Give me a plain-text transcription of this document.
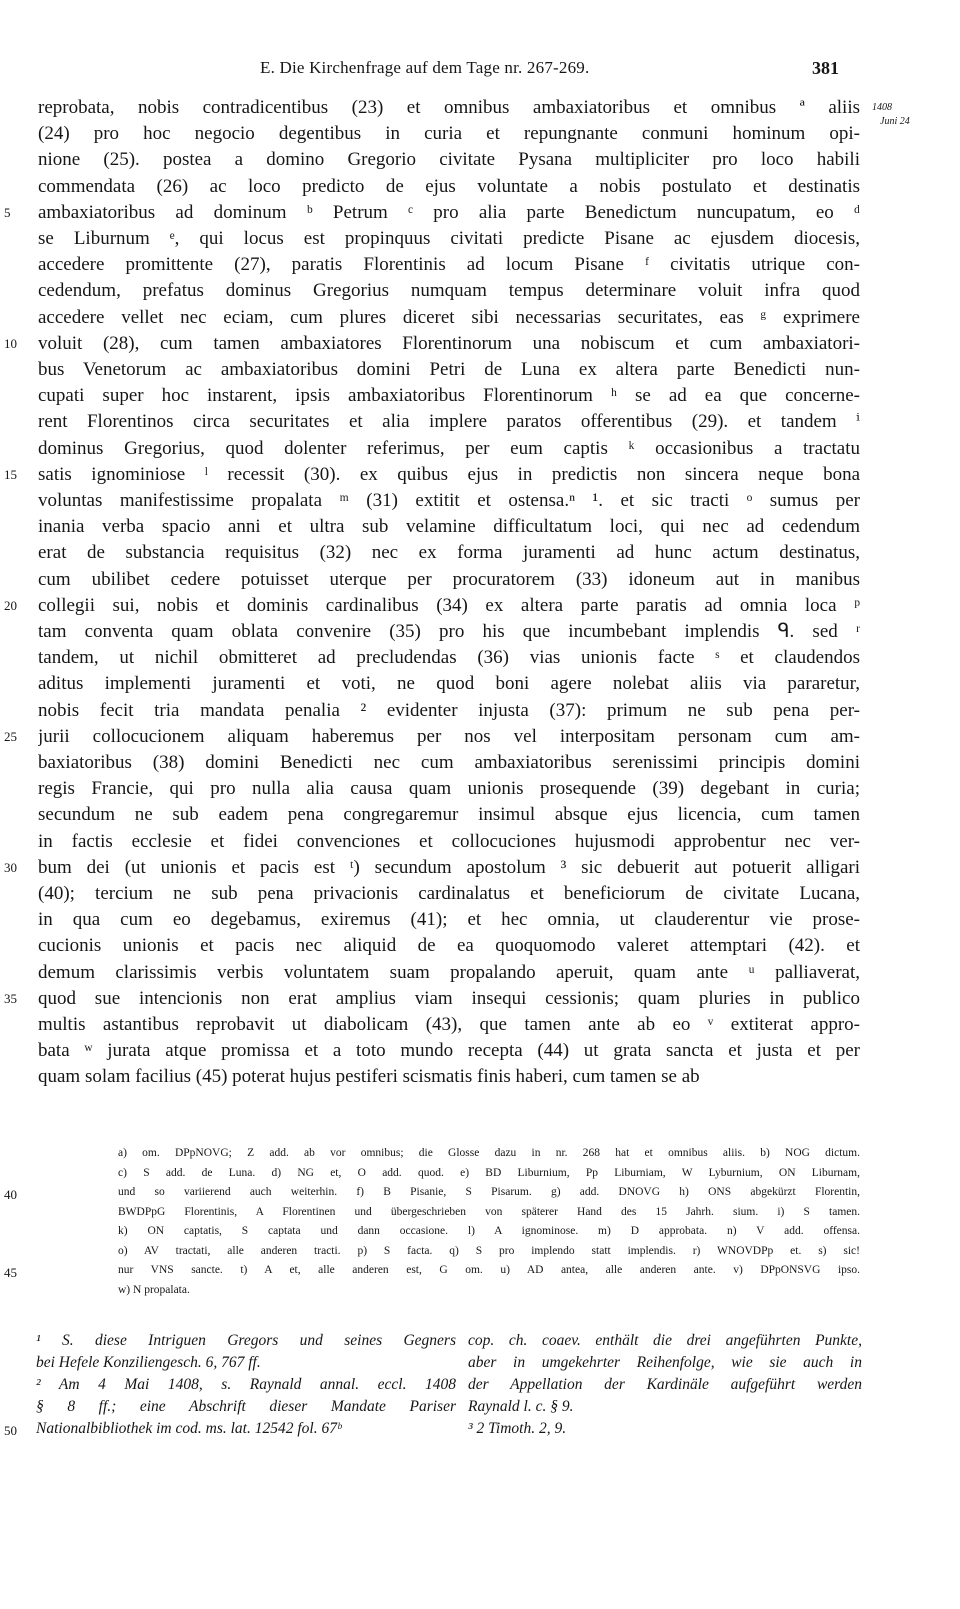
E. Die Kirchenfrage auf dem Tage nr. 267-269.	381
1408
Juni 24
reprobata, nobis contradicentibus (23) et omnibus ambaxiatoribus et omnibus ª aliis
(24) pro hoc negocio degentibus in curia et repungnante conmuni hominum opi-
nione (25). postea a domino Gregorio civitate Pysana multipliciter pro loco habili
commendata (26) ac loco predicto de ejus voluntate a nobis postulato et destinatis
ambaxiatoribus ad dominum ᵇ Petrum ᶜ pro alia parte Benedictum nuncupatum, eo ᵈ
se Liburnum ᵉ, qui locus est propinquus civitati predicte Pisane ac ejusdem diocesis,
accedere promittente (27), paratis Florentinis ad locum Pisane ᶠ civitatis utrique con-
cedendum, prefatus dominus Gregorius numquam tempus determinare voluit infra quod
accedere vellet nec eciam, cum plures diceret sibi necessarias securitates, eas ᵍ exprimere
voluit (28), cum tamen ambaxiatores Florentinorum una nobiscum et cum ambaxiatori-
bus Venetorum ac ambaxiatoribus domini Petri de Luna ex altera parte Benedicti nun-
cupati super hoc instarent, ipsis ambaxiatoribus Florentinorum ʰ se ad ea que concerne-
rent Florentinos circa securitates et alia implere paratos offerentibus (29). et tandem ⁱ
dominus Gregorius, quod dolenter referimus, per eum captis ᵏ occasionibus a tractatu
satis ignominiose ˡ recessit (30). ex quibus ejus in predictis non sincera neque bona
voluntas manifestissime propalata ᵐ (31) extitit et ostensa.ⁿ ¹. et sic tracti ᵒ sumus per
inania verba spacio anni et ultra sub velamine difficultatum loci, qui nec ad cedendum
erat de substancia requisitus (32) nec ex forma juramenti ad hunc actum destinatus,
cum ubilibet cedere potuisset uterque per procuratorem (33) idoneum aut in manibus
collegii sui, nobis et dominis cardinalibus (34) ex altera parte paratis ad omnia loca ᵖ
tam conventa quam oblata convenire (35) pro his que incumbebant implendis ᑫ. sed ʳ
tandem, ut nichil obmitteret ad precludendas (36) vias unionis facte ˢ et claudendos
aditus implementi juramenti et voti, ne quod boni agere nolebat aliis via pararetur,
nobis fecit tria mandata penalia ² evidenter injusta (37): primum ne sub pena per-
jurii collocucionem aliquam haberemus per nos vel interpositam personam cum am-
baxiatoribus (38) domini Benedicti nec cum ambaxiatoribus serenissimi principis domini
regis Francie, qui pro nulla alia causa quam unionis prosequende (39) degebant in curia;
secundum ne sub eadem pena congregaremur insimul absque ejus licencia, cum tamen
in factis ecclesie et fidei convenciones et collocuciones hujusmodi approbentur nec ver-
bum dei (ut unionis et pacis est ᵗ) secundum apostolum ³ sic debuerit aut potuerit alligari
(40); tercium ne sub pena privacionis cardinalatus et beneficiorum de civitate Lucana,
in qua cum eo degebamus, exiremus (41); et hec omnia, ut clauderentur vie prose-
cucionis unionis et pacis nec aliquid de ea quoquomodo valeret attemptari (42). et
demum clarissimis verbis voluntatem suam propalando aperuit, quam ante ᵘ palliaverat,
quod sue intencionis non erat amplius viam insequi cessionis; quam pluries in publico
multis astantibus reprobavit ut diabolicam (43), que tamen ante ab eo ᵛ extiterat appro-
bata ʷ jurata atque promissa et a toto mundo recepta (44) ut grata sancta et justa et per
quam solam facilius (45) poterat hujus pestiferi scismatis finis haberi, cum tamen se ab
5
10
15
20
25
30
35
a) om. DPpNOVG; Z add. ab vor omnibus; die Glosse dazu in nr. 268 hat et omnibus aliis. b) NOG dictum.
c) S add. de Luna. d) NG et, O add. quod. e) BD Liburnium, Pp Liburniam, W Lyburnium, ON Liburnam,
und so variierend auch weiterhin. f) B Pisanie, S Pisarum. g) add. DNOVG h) ONS abgekürzt Florentin,
BWDPpG Florentinis, A Florentinen und übergeschrieben von späterer Hand des 15 Jahrh. sium. i) S tamen.
k) ON captatis, S captata und dann occasione. l) A ignominose. m) D approbata. n) V add. offensa.
o) AV tractati, alle anderen tracti. p) S facta. q) S pro implendo statt implendis. r) WNOVDPp et. s) sic!
nur VNS sancte. t) A et, alle anderen est, G om. u) AD antea, alle anderen ante. v) DPpONSVG ipso.
w) N propalata.
40
45
¹ S. diese Intriguen Gregors und seines Gegners
bei Hefele Konziliengesch. 6, 767 ff.
² Am 4 Mai 1408, s. Raynald annal. eccl. 1408
§ 8 ff.; eine Abschrift dieser Mandate Pariser
Nationalbibliothek im cod. ms. lat. 12542 fol. 67ᵇ
cop. ch. coaev. enthält die drei angeführten Punkte,
aber in umgekehrter Reihenfolge, wie sie auch in
der Appellation der Kardinäle aufgeführt werden
Raynald l. c. § 9.
³ 2 Timoth. 2, 9.
50
